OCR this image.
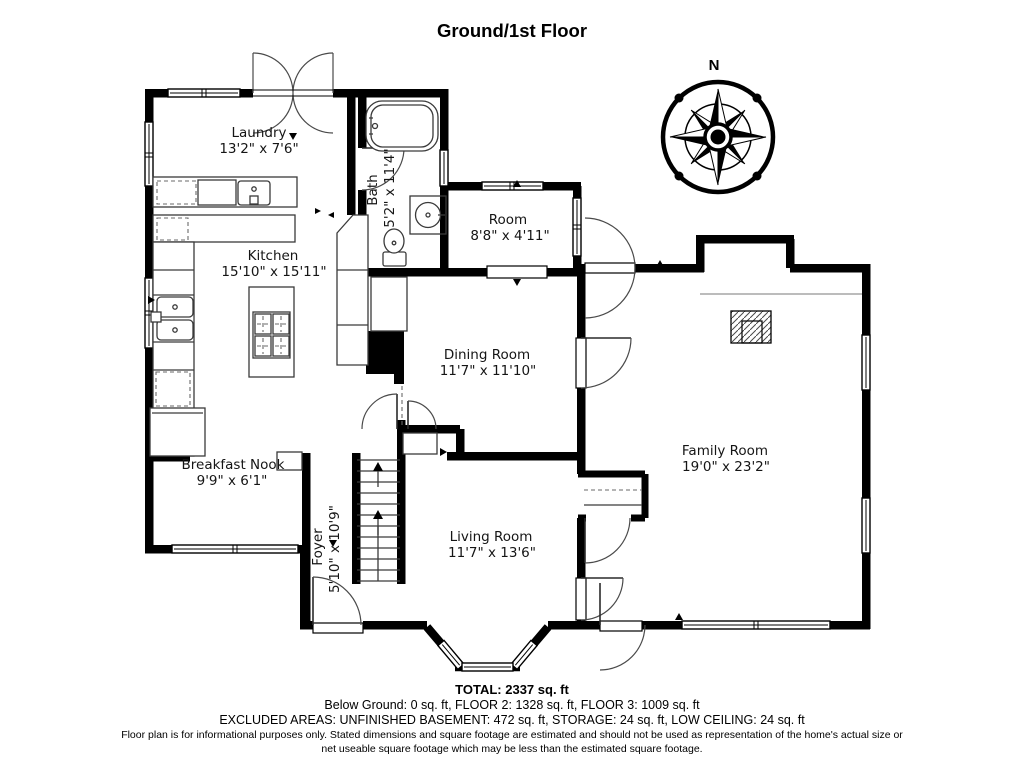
Ground/1st Floor
N
Laundry
13'2" x 7'6"
Bath 5'2" x 11'4"
Kitchen
15'10" x 15'11"
Room
8'8" x 4'11"
Dining Room
11'7" x 11'10"
Family Room
19'0" x 23'2"
Breakfast Nook
9'9" x 6'1"
Foyer 5'10" x 10'9"	Living Room
11'7" x 13'6"
TOTAL: 2337 sq. ft
Below Ground: 0 sq. ft, FLOOR 2: 1328 sq. ft, FLOOR 3: 1009 sq. ft
EXCLUDED AREAS: UNFINISHED BASEMENT: 472 sq. ft, STORAGE: 24 sq. ft, LOW CEILING: 24 sq. ft
Floor plan is for informational purposes only. Stated dimensions and square footage are estimated and should not be used as representation of the home's actual size or net useable square footage which may be less than the estimated square footage.
